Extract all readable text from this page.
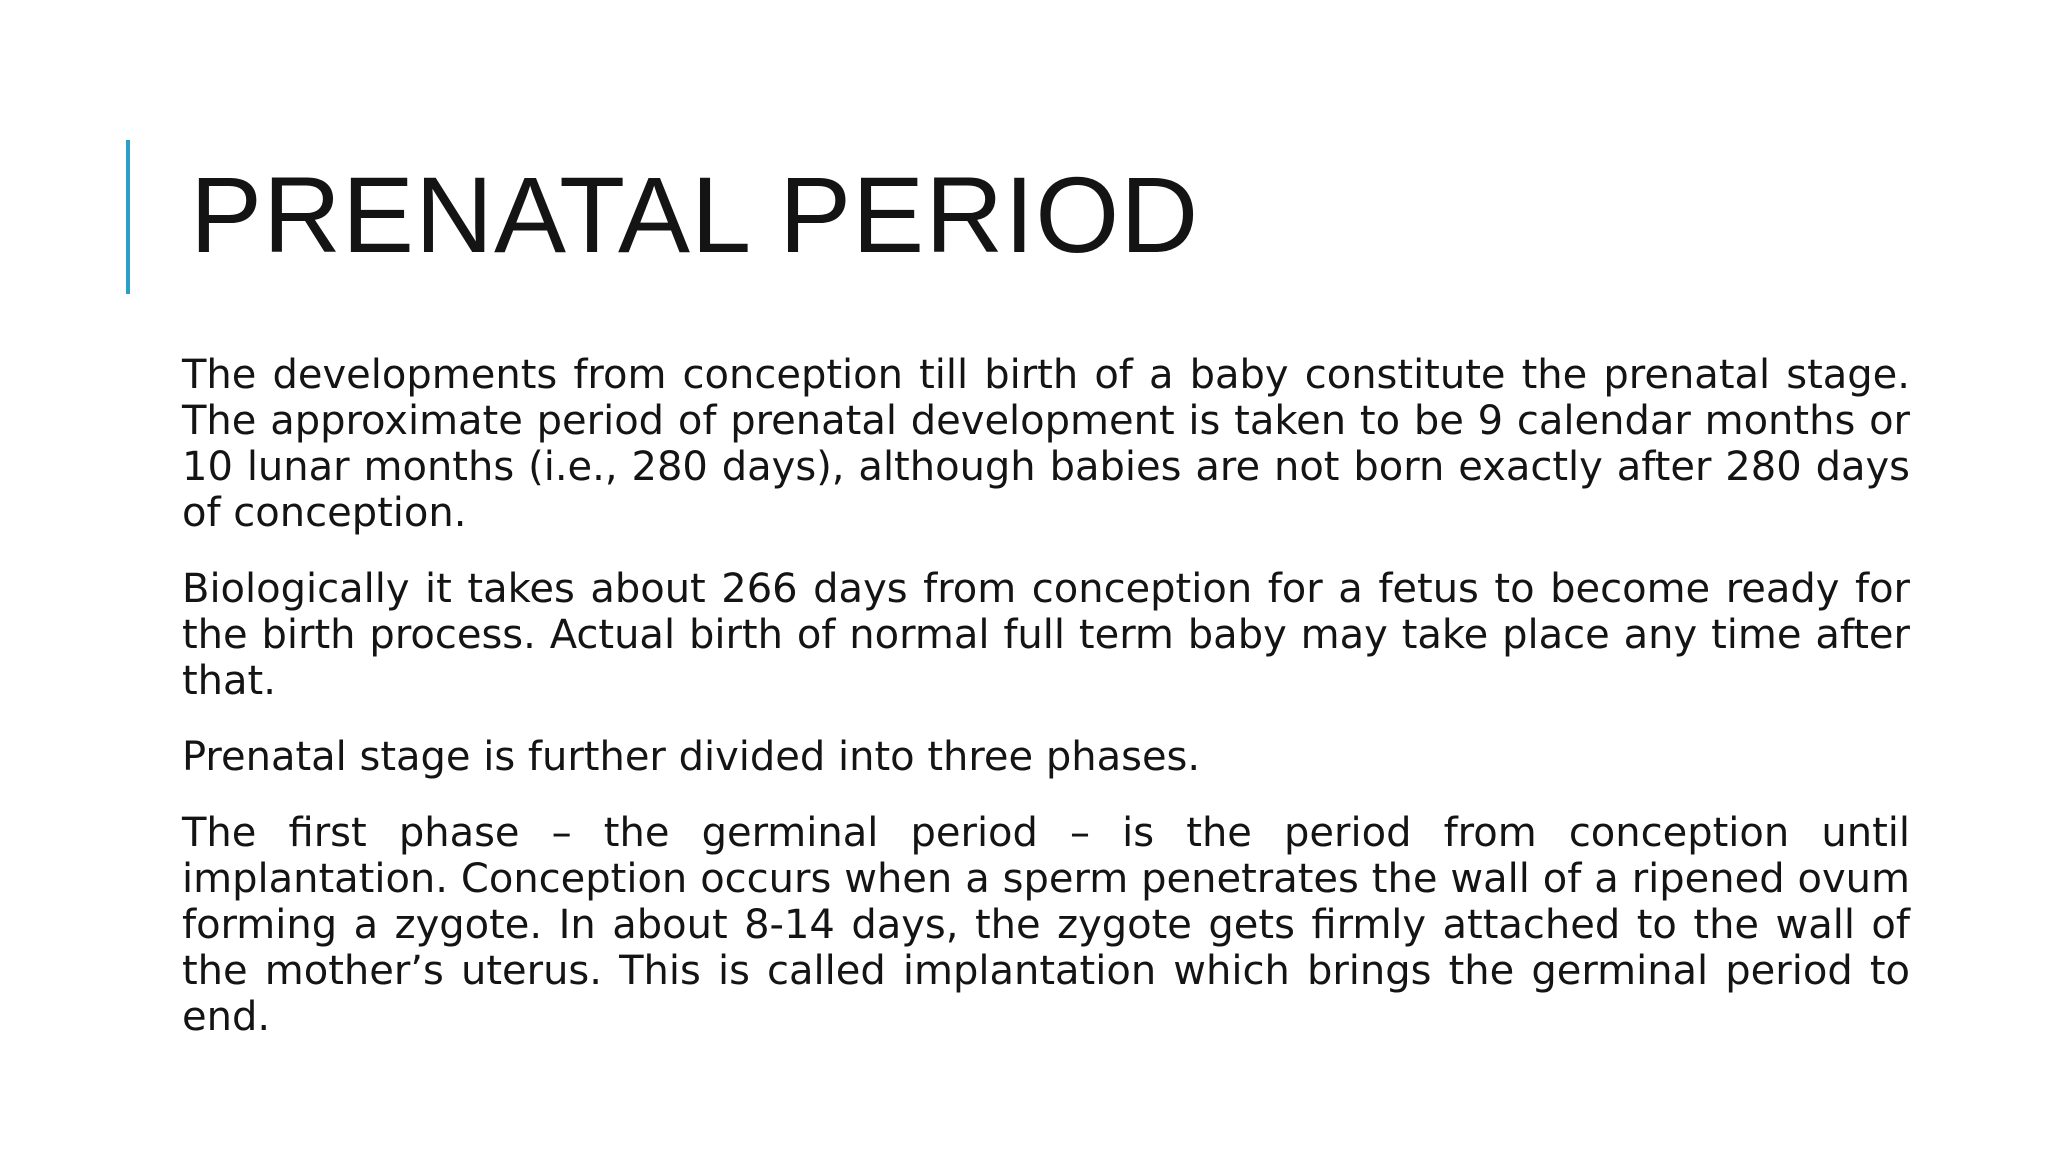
PRENATAL PERIOD

The developments from conception till birth of a baby constitute the prenatal stage. The approximate period of prenatal development is taken to be 9 calendar months or 10 lunar months (i.e., 280 days), although babies are not born exactly after 280 days of conception.

Biologically it takes about 266 days from conception for a fetus to become ready for the birth process. Actual birth of normal full term baby may take place any time after that.

Prenatal stage is further divided into three phases.

The first phase – the germinal period – is the period from conception until implantation. Conception occurs when a sperm penetrates the wall of a ripened ovum forming a zygote. In about 8-14 days, the zygote gets firmly attached to the wall of the mother’s uterus. This is called implantation which brings the germinal period to end.
